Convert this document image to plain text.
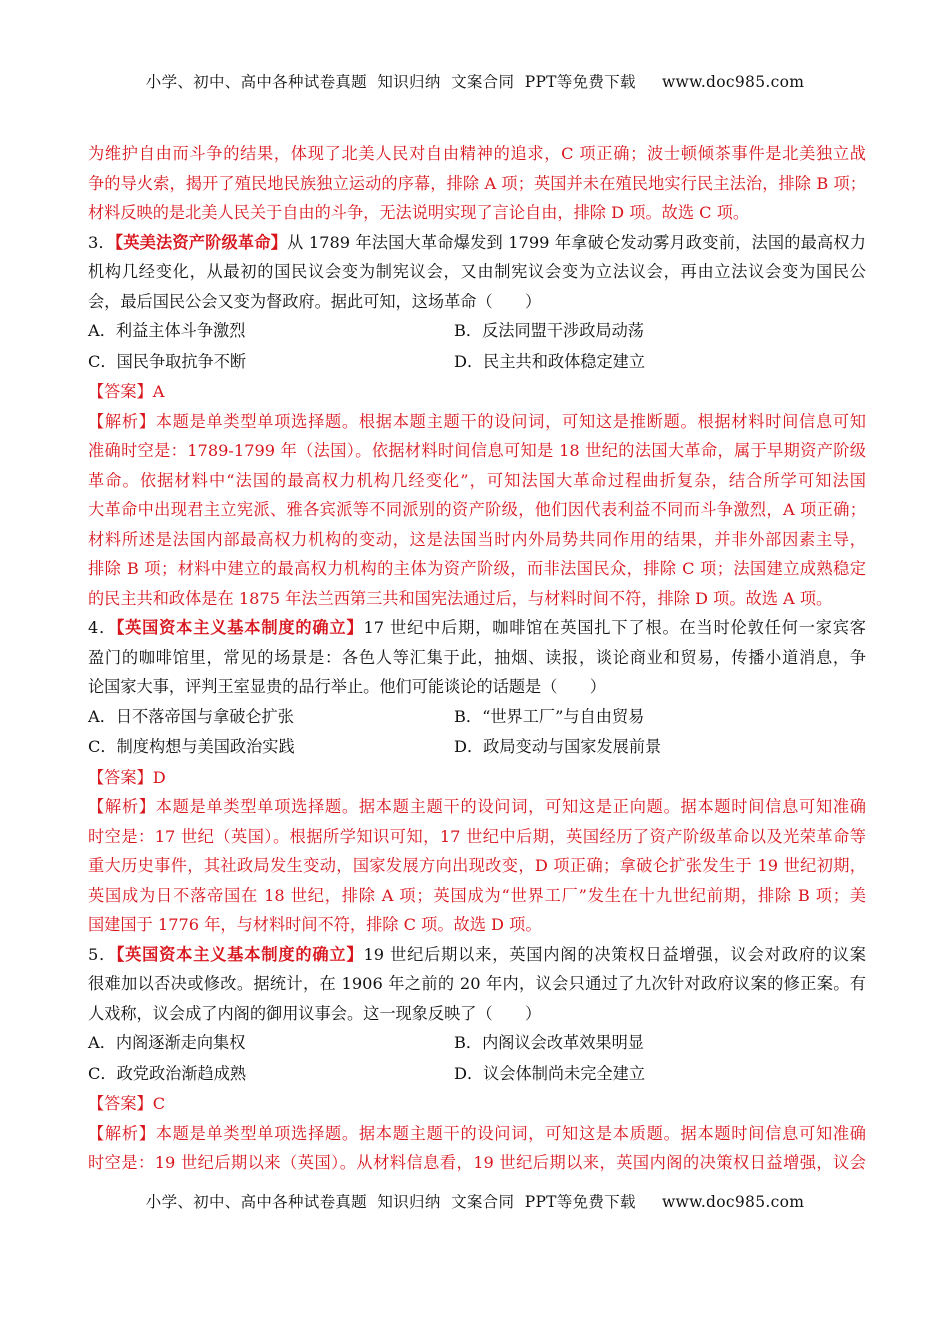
小学、初中、高中各种试卷真题  知识归纳  文案合同  PPT等免费下载     www.doc985.com
为维护自由而斗争的结果，体现了北美人民对自由精神的追求，C 项正确；波士顿倾茶事件是北美独立战
争的导火索，揭开了殖民地民族独立运动的序幕，排除 A 项；英国并未在殖民地实行民主法治，排除 B 项；
材料反映的是北美人民关于自由的斗争，无法说明实现了言论自由，排除 D 项。故选 C 项。
3．【英美法资产阶级革命】从 1789 年法国大革命爆发到 1799 年拿破仑发动雾月政变前，法国的最高权力
机构几经变化，从最初的国民议会变为制宪议会，又由制宪议会变为立法议会，再由立法议会变为国民公
会，最后国民公会又变为督政府。据此可知，这场革命（　　）
A．利益主体斗争激烈	B．反法同盟干涉政局动荡
C．国民争取抗争不断	D．民主共和政体稳定建立
【答案】A
【解析】本题是单类型单项选择题。根据本题主题干的设问词，可知这是推断题。根据材料时间信息可知
准确时空是：1789-1799 年（法国）。依据材料时间信息可知是 18 世纪的法国大革命，属于早期资产阶级
革命。依据材料中“法国的最高权力机构几经变化”，可知法国大革命过程曲折复杂，结合所学可知法国
大革命中出现君主立宪派、雅各宾派等不同派别的资产阶级，他们因代表利益不同而斗争激烈，A 项正确；
材料所述是法国内部最高权力机构的变动，这是法国当时内外局势共同作用的结果，并非外部因素主导，
排除 B 项；材料中建立的最高权力机构的主体为资产阶级，而非法国民众，排除 C 项；法国建立成熟稳定
的民主共和政体是在 1875 年法兰西第三共和国宪法通过后，与材料时间不符，排除 D 项。故选 A 项。
4．【英国资本主义基本制度的确立】17 世纪中后期，咖啡馆在英国扎下了根。在当时伦敦任何一家宾客
盈门的咖啡馆里，常见的场景是：各色人等汇集于此，抽烟、读报，谈论商业和贸易，传播小道消息，争
论国家大事，评判王室显贵的品行举止。他们可能谈论的话题是（　　）
A．日不落帝国与拿破仑扩张	B．“世界工厂”与自由贸易
C．制度构想与美国政治实践	D．政局变动与国家发展前景
【答案】D
【解析】本题是单类型单项选择题。据本题主题干的设问词，可知这是正向题。据本题时间信息可知准确
时空是：17 世纪（英国）。根据所学知识可知，17 世纪中后期，英国经历了资产阶级革命以及光荣革命等
重大历史事件，其社政局发生变动，国家发展方向出现改变，D 项正确；拿破仑扩张发生于 19 世纪初期，
英国成为日不落帝国在 18 世纪，排除 A 项；英国成为“世界工厂”发生在十九世纪前期，排除 B 项；美
国建国于 1776 年，与材料时间不符，排除 C 项。故选 D 项。
5．【英国资本主义基本制度的确立】19 世纪后期以来，英国内阁的决策权日益增强，议会对政府的议案
很难加以否决或修改。据统计，在 1906 年之前的 20 年内，议会只通过了九次针对政府议案的修正案。有
人戏称，议会成了内阁的御用议事会。这一现象反映了（　　）
A．内阁逐渐走向集权	B．内阁议会改革效果明显
C．政党政治渐趋成熟	D．议会体制尚未完全建立
【答案】C
【解析】本题是单类型单项选择题。据本题主题干的设问词，可知这是本质题。据本题时间信息可知准确
时空是：19 世纪后期以来（英国）。从材料信息看，19 世纪后期以来，英国内阁的决策权日益增强，议会
小学、初中、高中各种试卷真题  知识归纳  文案合同  PPT等免费下载     www.doc985.com
